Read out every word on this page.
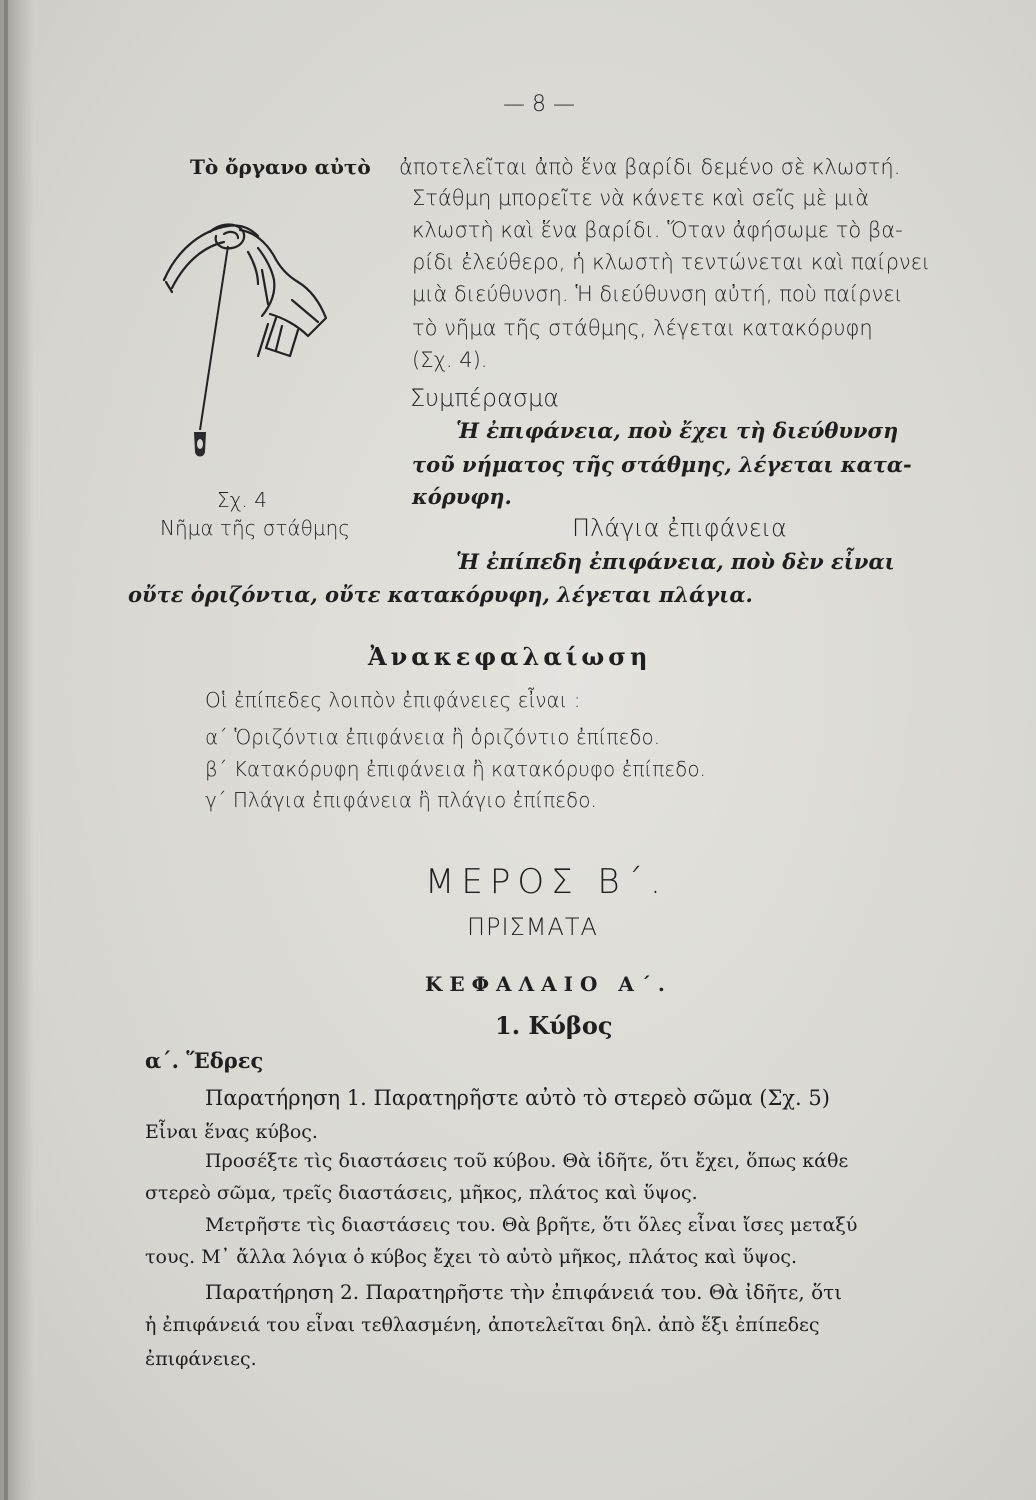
— 8 —
Τὸ ὄργανο αὐτὸ ἀποτελεῖται ἀπὸ ἕνα βαρίδι δεμένο σὲ κλωστή.
Στάθμη μπορεῖτε νὰ κάνετε καὶ σεῖς μὲ μιὰ
κλωστὴ καὶ ἕνα βαρίδι. Ὅταν ἀφήσωμε τὸ βα-
ρίδι ἐλεύθερο, ἡ κλωστὴ τεντώνεται καὶ παίρνει
μιὰ διεύθυνση. Ἡ διεύθυνση αὐτή, ποὺ παίρνει
τὸ νῆμα τῆς στάθμης, λέγεται κατακόρυφη
(Σχ. 4).
Σχ. 4
Νῆμα τῆς στάθμης
Συμπέρασμα
Ἡ ἐπιφάνεια, ποὺ ἔχει τὴ διεύθυνση
τοῦ νήματος τῆς στάθμης, λέγεται κατα-
κόρυφη.
Πλάγια ἐπιφάνεια
Ἡ ἐπίπεδη ἐπιφάνεια, ποὺ δὲν εἶναι
οὔτε ὁριζόντια, οὔτε κατακόρυφη, λέγεται πλάγια.
Ἀνακεφαλαίωση
Οἱ ἐπίπεδες λοιπὸν ἐπιφάνειες εἶναι :
α΄ Ὁριζόντια ἐπιφάνεια ἢ ὁριζόντιο ἐπίπεδο.
β΄ Κατακόρυφη ἐπιφάνεια ἢ κατακόρυφο ἐπίπεδο.
γ΄ Πλάγια ἐπιφάνεια ἢ πλάγιο ἐπίπεδο.
ΜΕΡΟΣ Β΄.
ΠΡΙΣΜΑΤΑ
ΚΕΦΑΛΑΙΟ Α΄.
1. Κύβος
α΄. Ἕδρες
Παρατήρηση 1. Παρατηρῆστε αὐτὸ τὸ στερεὸ σῶμα (Σχ. 5)
Εἶναι ἕνας κύβος.
Προσέξτε τὶς διαστάσεις τοῦ κύβου. Θὰ ἰδῆτε, ὅτι ἔχει, ὅπως κάθε
στερεὸ σῶμα, τρεῖς διαστάσεις, μῆκος, πλάτος καὶ ὕψος.
Μετρῆστε τὶς διαστάσεις του. Θὰ βρῆτε, ὅτι ὅλες εἶναι ἴσες μεταξύ
τους. Μ᾿ ἄλλα λόγια ὁ κύβος ἔχει τὸ αὐτὸ μῆκος, πλάτος καὶ ὕψος.
Παρατήρηση 2. Παρατηρῆστε τὴν ἐπιφάνειά του. Θὰ ἰδῆτε, ὅτι
ἡ ἐπιφάνειά του εἶναι τεθλασμένη, ἀποτελεῖται δηλ. ἀπὸ ἕξι ἐπίπεδες
ἐπιφάνειες.
